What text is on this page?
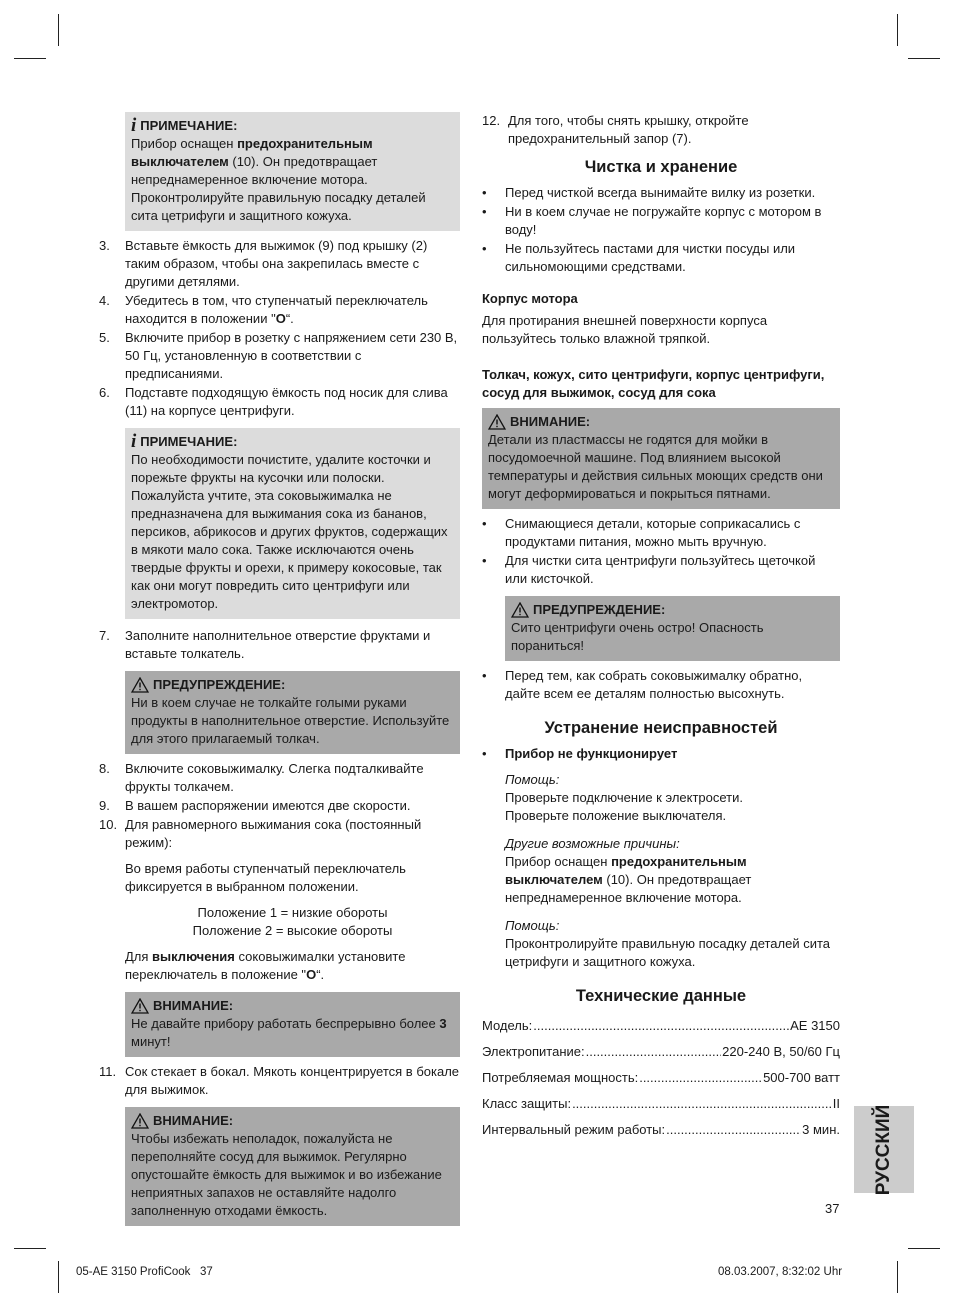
i ПРИМЕЧАНИЕ:

Прибор оснащен предохранительным выключателем (10). Он предотвращает непреднамеренное включение мотора. Проконтролируйте правильную посадку деталей сита цетрифуги и защитного кожуха.

3. Вставьте ёмкость для выжимок (9) под крышку (2) таким образом, чтобы она закрепилась вместе с другими детялями.
4. Убедитесь в том, что ступенчатый переключатель находится в положении "O“.
5. Включите прибор в розетку с напряжением сети 230 В, 50 Гц, установленную в соответствии с предписаниями.
6. Подставте подходящую ёмкость под носик для слива (11) на корпусе центрифуги.
i ПРИМЕЧАНИЕ:

По необходимости почистите, удалите косточки и порежьте фрукты на кусочки или полоски. Пожалуйста учтите, эта соковыжималка не предназначена для выжимания сока из бананов, персиков, абрикосов и других фруктов, содержащих в мякоти мало сока. Также исключаются очень твердые фрукты и орехи, к примеру кокосовые, так как они могут повредить сито центрифуги или электромотор.

7. Заполните наполнительное отверстие фруктами и вставьте толкатель.
ПРЕДУПРЕЖДЕНИЕ:

Ни в коем случае не толкайте голыми руками продукты в наполнительное отверстие. Используйте для этого прилагаемый толкач.

8. Включите соковыжималку. Слегка подталкивайте фрукты толкачем.
9. В вашем распоряжении имеются две скорости.
10. Для равномерного выжимания сока (постоянный режим):

Во время работы ступенчатый переключатель фиксируется в выбранном положении.

Положение 1 = низкие обороты
Положение 2 = высокие обороты

Для выключения соковыжималки установите переключатель в положение "O“.

ВНИМАНИЕ:

Не давайте прибору работать беспрерывно более 3 минут!

11. Сок стекает в бокал. Мякоть концентрируется в бокале для выжимок.
ВНИМАНИЕ:

Чтобы избежать неполадок, пожалуйста не переполняйте сосуд для выжимок. Регулярно опустошайте ёмкость для выжимок и во избежание неприятных запахов не оставляйте надолго заполненную отходами ёмкость.

12. Для того, чтобы снять крышку, откройте предохранительный запор (7).
Чистка и хранение
• Перед чисткой всегда вынимайте вилку из розетки.
• Ни в коем случае не погружайте корпус с мотором в воду!
• Не пользуйтесь пастами для чистки посуды или сильномоющими средствами.
Корпус мотора

Для протирания внешней поверхности корпуса пользуйтесь только влажной тряпкой.

Толкач, кожух, сито центрифуги, корпус центрифуги, сосуд для выжимок, сосуд для сока
ВНИМАНИЕ:

Детали из пластмассы не годятся для мойки в посудомоечной машине. Под влиянием высокой температуры и действия сильных моющих средств они могут деформироваться и покрыться пятнами.

• Снимающиеся детали, которые соприкасались с продуктами питания, можно мыть вручную.
• Для чистки сита центрифуги пользуйтесь щеточкой или кисточкой.
ПРЕДУПРЕЖДЕНИЕ:

Сито центрифуги очень остро! Опасность пораниться!

• Перед тем, как собрать соковыжималку обратно, дайте всем ее деталям полностью высохнуть.
Устранение неисправностей
• Прибор не функционирует

Помощь:

Проверьте подключение к электросети.

Проверьте положение выключателя.

Другие возможные причины:

Прибор оснащен предохранительным выключателем (10). Он предотвращает непреднамеренное включение мотора.

Помощь:

Проконтролируйте правильную посадку деталей сита цетрифуги и защитного кожуха.

Технические данные
Модель: .....	AE 3150
Электропитание: .....	220-240 В, 50/60 Гц
Потребляемая мощность: .....	500-700 ватт
Класс защиты: .....	II
Интервальный режим работы: .....	3 мин. РУССКИЙ
37
05-AE 3150 ProfiCook   37	08.03.2007, 8:32:02 Uhr
